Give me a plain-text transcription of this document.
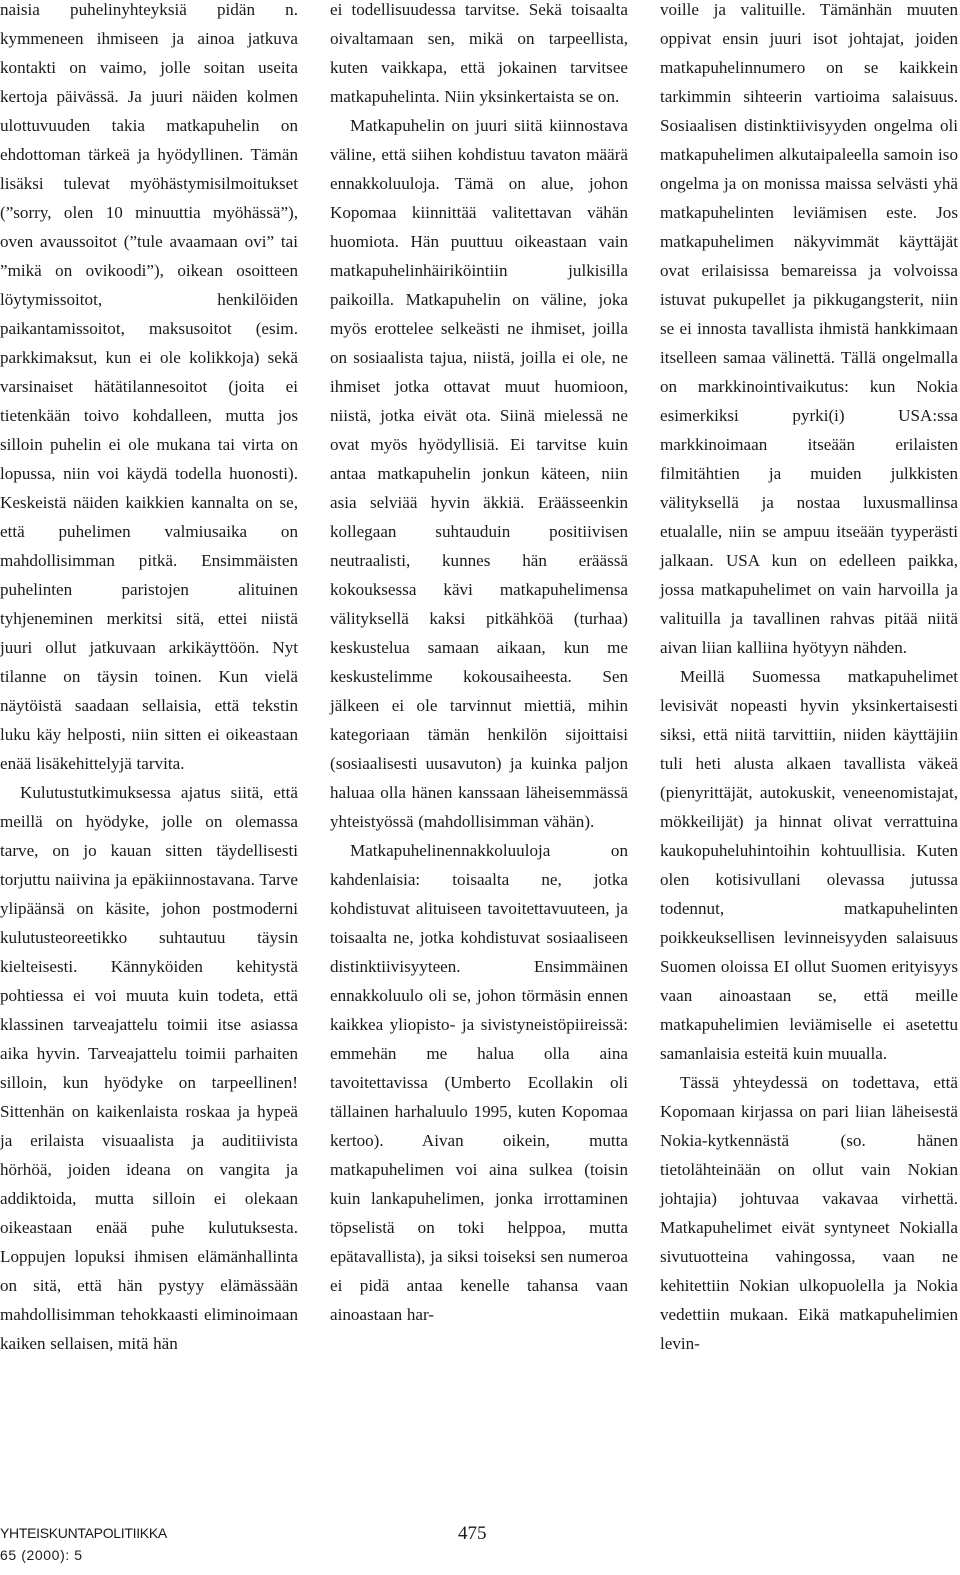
naisia puhelinyhteyksiä pidän n. kymmeneen ihmiseen ja ainoa jatkuva kontakti on vaimo, jolle soitan useita kertoja päivässä. Ja juuri näiden kolmen ulottuvuuden takia matkapuhelin on ehdottoman tärkeä ja hyödyllinen. Tämän lisäksi tulevat myöhästymisilmoitukset (”sorry, olen 10 minuuttia myöhässä”), oven avaussoitot (”tule avaamaan ovi” tai ”mikä on ovikoodi”), oikean osoitteen löytymissoitot, henkilöiden paikantamissoitot, maksusoitot (esim. parkkimaksut, kun ei ole kolikkoja) sekä varsinaiset hätätilannesoitot (joita ei tietenkään toivo kohdalleen, mutta jos silloin puhelin ei ole mukana tai virta on lopussa, niin voi käydä todella huonosti). Keskeistä näiden kaikkien kannalta on se, että puhelimen valmiusaika on mahdollisimman pitkä. Ensimmäisten puhelinten paristojen alituinen tyhjeneminen merkitsi sitä, ettei niistä juuri ollut jatkuvaan arkikäyttöön. Nyt tilanne on täysin toinen. Kun vielä näytöistä saadaan sellaisia, että tekstin luku käy helposti, niin sitten ei oikeastaan enää lisäkehittelyjä tarvita.

Kulutustutkimuksessa ajatus siitä, että meillä on hyödyke, jolle on olemassa tarve, on jo kauan sitten täydellisesti torjuttu naiivina ja epäkiinnostavana. Tarve ylipäänsä on käsite, johon postmoderni kulutusteoreetikko suhtautuu täysin kielteisesti. Kännyköiden kehitystä pohtiessa ei voi muuta kuin todeta, että klassinen tarveajattelu toimii itse asiassa aika hyvin. Tarveajattelu toimii parhaiten silloin, kun hyödyke on tarpeellinen! Sittenhän on kaikenlaista roskaa ja hypeä ja erilaista visuaalista ja auditiivista hörhöä, joiden ideana on vangita ja addiktoida, mutta silloin ei olekaan oikeastaan enää puhe kulutuksesta. Loppujen lopuksi ihmisen elämänhallinta on sitä, että hän pystyy elämässään mahdollisimman tehokkaasti eliminoimaan kaiken sellaisen, mitä hän

ei todellisuudessa tarvitse. Sekä toisaalta oivaltamaan sen, mikä on tarpeellista, kuten vaikkapa, että jokainen tarvitsee matkapuhelinta. Niin yksinkertaista se on.

Matkapuhelin on juuri siitä kiinnostava väline, että siihen kohdistuu tavaton määrä ennakkoluuloja. Tämä on alue, johon Kopomaa kiinnittää valitettavan vähän huomiota. Hän puuttuu oikeastaan vain matkapuhelinhäiriköintiin julkisilla paikoilla. Matkapuhelin on väline, joka myös erottelee selkeästi ne ihmiset, joilla on sosiaalista tajua, niistä, joilla ei ole, ne ihmiset jotka ottavat muut huomioon, niistä, jotka eivät ota. Siinä mielessä ne ovat myös hyödyllisiä. Ei tarvitse kuin antaa matkapuhelin jonkun käteen, niin asia selviää hyvin äkkiä. Eräässeenkin kollegaan suhtauduin positiivisen neutraalisti, kunnes hän eräässä kokouksessa kävi matkapuhelimensa välityksellä kaksi pitkähköä (turhaa) keskustelua samaan aikaan, kun me keskustelimme kokousaiheesta. Sen jälkeen ei ole tarvinnut miettiä, mihin kategoriaan tämän henkilön sijoittaisi (sosiaalisesti uusavuton) ja kuinka paljon haluaa olla hänen kanssaan läheisemmässä yhteistyössä (mahdollisimman vähän).

Matkapuhelinennakkoluuloja on kahdenlaisia: toisaalta ne, jotka kohdistuvat alituiseen tavoitettavuuteen, ja toisaalta ne, jotka kohdistuvat sosiaaliseen distinktiivisyyteen. Ensimmäinen ennakkoluulo oli se, johon törmäsin ennen kaikkea yliopisto- ja sivistyneistöpiireissä: emmehän me halua olla aina tavoitettavissa (Umberto Ecollakin oli tällainen harhaluulo 1995, kuten Kopomaa kertoo). Aivan oikein, mutta matkapuhelimen voi aina sulkea (toisin kuin lankapuhelimen, jonka irrottaminen töpselistä on toki helppoa, mutta epätavallista), ja siksi toiseksi sen numeroa ei pidä antaa kenelle tahansa vaan ainoastaan har-

voille ja valituille. Tämänhän muuten oppivat ensin juuri isot johtajat, joiden matkapuhelinnumero on se kaikkein tarkimmin sihteerin vartioima salaisuus. Sosiaalisen distinktiivisyyden ongelma oli matkapuhelimen alkutaipaleella samoin iso ongelma ja on monissa maissa selvästi yhä matkapuhelinten leviämisen este. Jos matkapuhelimen näkyvimmät käyttäjät ovat erilaisissa bemareissa ja volvoissa istuvat pukupellet ja pikkugangsterit, niin se ei innosta tavallista ihmistä hankkimaan itselleen samaa välinettä. Tällä ongelmalla on markkinointivaikutus: kun Nokia esimerkiksi pyrki(i) USA:ssa markkinoimaan itseään erilaisten filmitähtien ja muiden julkkisten välityksellä ja nostaa luxusmallinsa etualalle, niin se ampuu itseään tyyperästi jalkaan. USA kun on edelleen paikka, jossa matkapuhelimet on vain harvoilla ja valituilla ja tavallinen rahvas pitää niitä aivan liian kalliina hyötyyn nähden.

Meillä Suomessa matkapuhelimet levisivät nopeasti hyvin yksinkertaisesti siksi, että niitä tarvittiin, niiden käyttäjiin tuli heti alusta alkaen tavallista väkeä (pienyrittäjät, autokuskit, veneenomistajat, mökkeilijät) ja hinnat olivat verrattuina kaukopuheluhintoihin kohtuullisia. Kuten olen kotisivullani olevassa jutussa todennut, matkapuhelinten poikkeuksellisen levinneisyyden salaisuus Suomen oloissa EI ollut Suomen erityisyys vaan ainoastaan se, että meille matkapuhelimien leviämiselle ei asetettu samanlaisia esteitä kuin muualla.

Tässä yhteydessä on todettava, että Kopomaan kirjassa on pari liian läheisestä Nokia-kytkennästä (so. hänen tietolähteinään on ollut vain Nokian johtajia) johtuvaa vakavaa virhettä. Matkapuhelimet eivät syntyneet Nokialla sivutuotteina vahingossa, vaan ne kehitettiin Nokian ulkopuolella ja Nokia vedettiin mukaan. Eikä matkapuhelimien levin-

YHTEISKUNTAPOLITIIKKA
65 (2000): 5
475
